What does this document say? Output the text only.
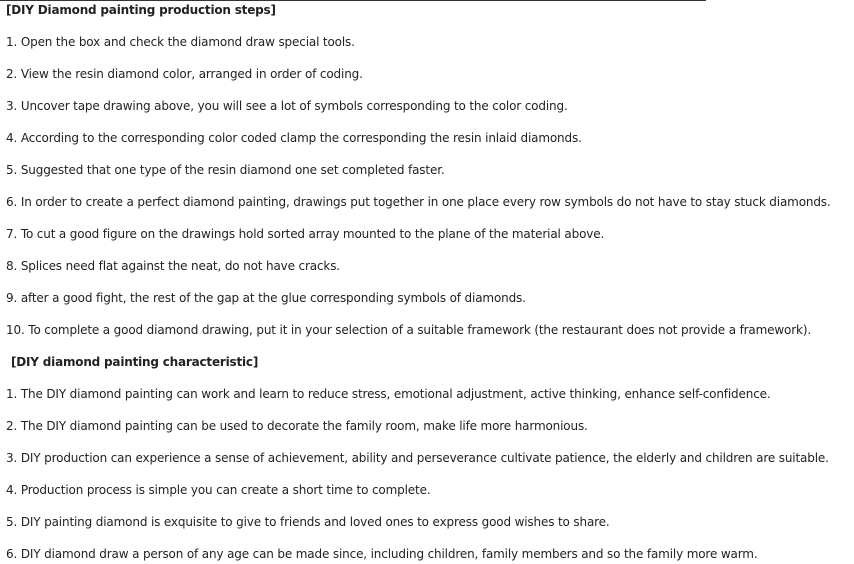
[DIY Diamond painting production steps]
1. Open the box and check the diamond draw special tools.
2. View the resin diamond color, arranged in order of coding.
3. Uncover tape drawing above, you will see a lot of symbols corresponding to the color coding.
4. According to the corresponding color coded clamp the corresponding the resin inlaid diamonds.
5. Suggested that one type of the resin diamond one set completed faster.
6. In order to create a perfect diamond painting, drawings put together in one place every row symbols do not have to stay stuck diamonds.
7. To cut a good figure on the drawings hold sorted array mounted to the plane of the material above.
8. Splices need flat against the neat, do not have cracks.
9. after a good fight, the rest of the gap at the glue corresponding symbols of diamonds.
10. To complete a good diamond drawing, put it in your selection of a suitable framework (the restaurant does not provide a framework).
[DIY diamond painting characteristic]
1. The DIY diamond painting can work and learn to reduce stress, emotional adjustment, active thinking, enhance self-confidence.
2. The DIY diamond painting can be used to decorate the family room, make life more harmonious.
3. DIY production can experience a sense of achievement, ability and perseverance cultivate patience, the elderly and children are suitable.
4. Production process is simple you can create a short time to complete.
5. DIY painting diamond is exquisite to give to friends and loved ones to express good wishes to share.
6. DIY diamond draw a person of any age can be made since, including children, family members and so the family more warm.
